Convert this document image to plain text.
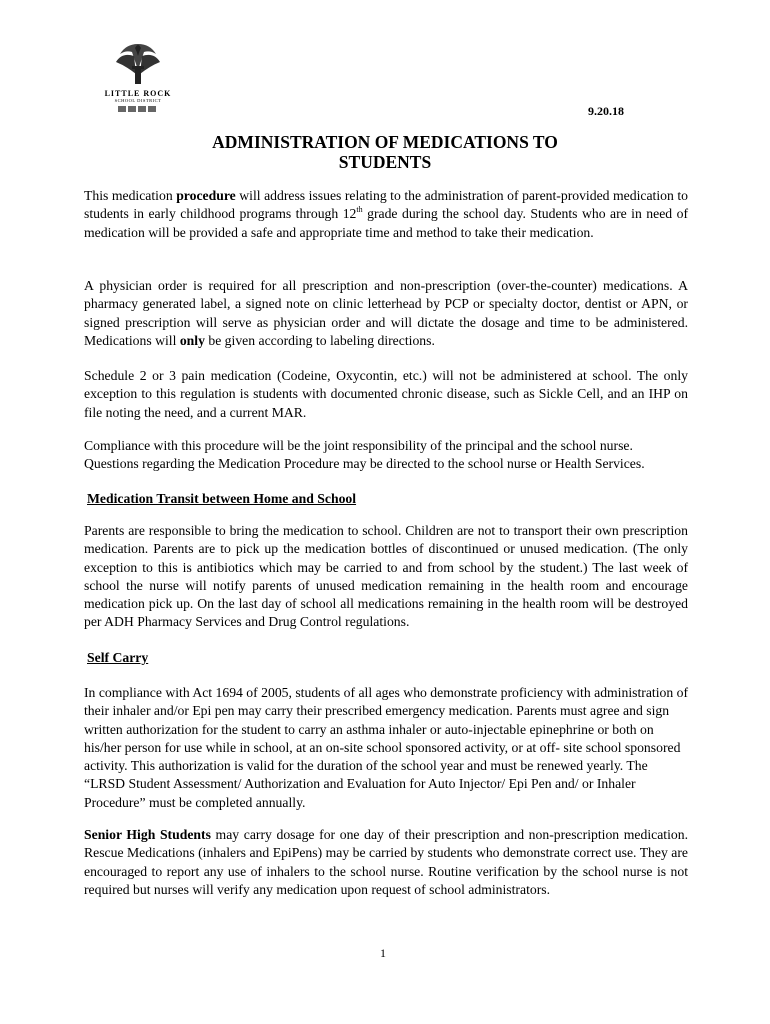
LITTLE ROCK
SCHOOL DISTRICT
9.20.18
ADMINISTRATION OF MEDICATIONS TO
STUDENTS

This medication procedure will address issues relating to the administration of parent-provided medication to students in early childhood programs through 12th grade during the school day. Students who are in need of medication will be provided a safe and appropriate time and method to take their medication.

A physician order is required for all prescription and non-prescription (over-the-counter) medications. A pharmacy generated label, a signed note on clinic letterhead by PCP or specialty doctor, dentist or APN, or signed prescription will serve as physician order and will dictate the dosage and time to be administered. Medications will only be given according to labeling directions.

Schedule 2 or 3 pain medication (Codeine, Oxycontin, etc.) will not be administered at school. The only exception to this regulation is students with documented chronic disease, such as Sickle Cell, and an IHP on file noting the need, and a current MAR.

Compliance with this procedure will be the joint responsibility of the principal and the school nurse. Questions regarding the Medication Procedure may be directed to the school nurse or Health Services.

Medication Transit between Home and School

Parents are responsible to bring the medication to school. Children are not to transport their own prescription medication. Parents are to pick up the medication bottles of discontinued or unused medication. (The only exception to this is antibiotics which may be carried to and from school by the student.) The last week of school the nurse will notify parents of unused medication remaining in the health room and encourage medication pick up. On the last day of school all medications remaining in the health room will be destroyed per ADH Pharmacy Services and Drug Control regulations.

Self Carry

In compliance with Act 1694 of 2005, students of all ages who demonstrate proficiency with administration of their inhaler and/or Epi pen may carry their prescribed emergency medication. Parents must agree and sign written authorization for the student to carry an asthma inhaler or auto-injectable epinephrine or both on his/her person for use while in school, at an on-site school sponsored activity, or at off- site school sponsored activity. This authorization is valid for the duration of the school year and must be renewed yearly. The “LRSD Student Assessment/ Authorization and Evaluation for Auto Injector/ Epi Pen and/ or Inhaler Procedure” must be completed annually.

Senior High Students may carry dosage for one day of their prescription and non-prescription medication. Rescue Medications (inhalers and EpiPens) may be carried by students who demonstrate correct use. They are encouraged to report any use of inhalers to the school nurse. Routine verification by the school nurse is not required but nurses will verify any medication upon request of school administrators.

1
